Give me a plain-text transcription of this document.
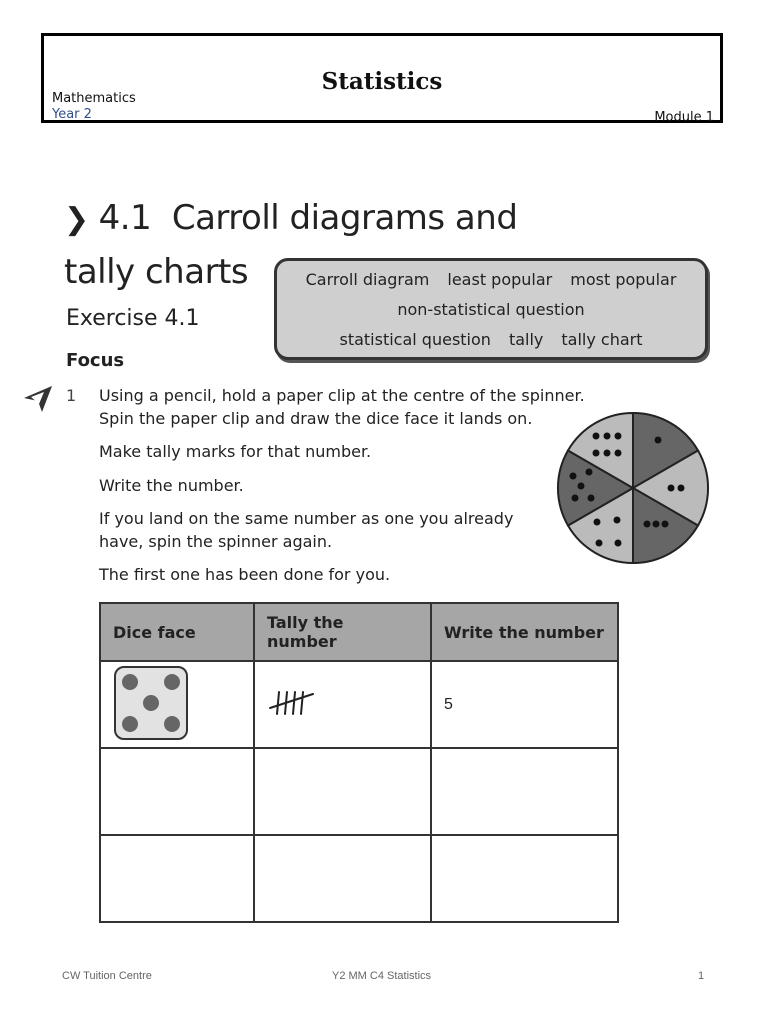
Statistics
Mathematics
Year 2	Module 1
❯ 4.1 Carroll diagrams and
tally charts
Exercise 4.1
Focus
Carroll diagram least popular most popular
non-statistical question
statistical question tally tally chart
1 Using a pencil, hold a paper clip at the centre of the spinner.
Spin the paper clip and draw the dice face it lands on.
Make tally marks for that number.
Write the number.
If you land on the same number as one you already
have, spin the spinner again.
The first one has been done for you.
Dice face	Tally the number	Write the number
		5

CW Tuition Centre	Y2 MM C4 Statistics	1
